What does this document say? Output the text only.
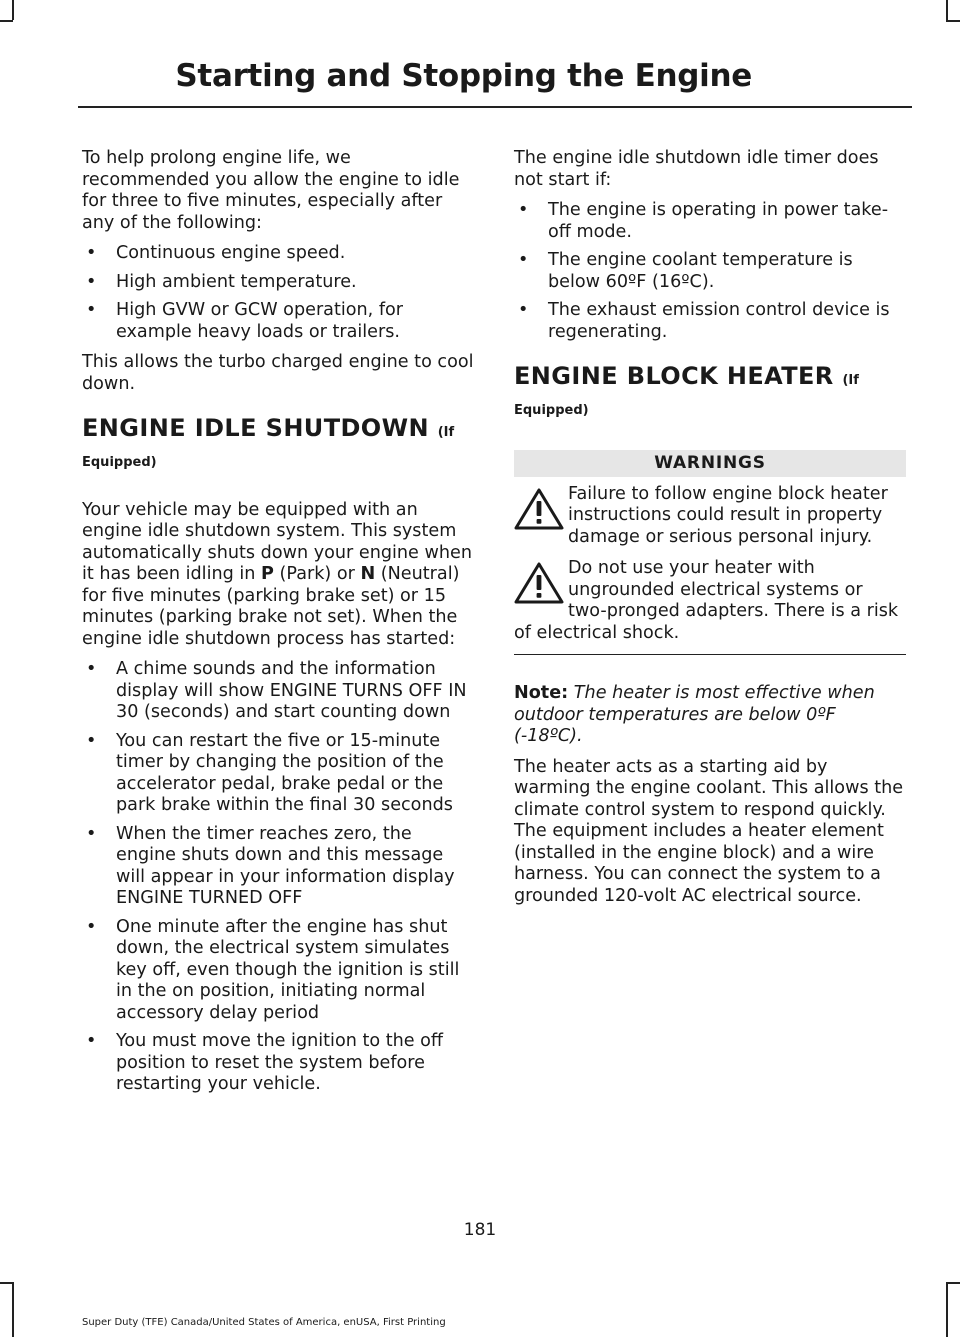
Starting and Stopping the Engine

To help prolong engine life, we recommended you allow the engine to idle for three to five minutes, especially after any of the following:

• Continuous engine speed.
• High ambient temperature.
• High GVW or GCW operation, for example heavy loads or trailers.

This allows the turbo charged engine to cool down.

ENGINE IDLE SHUTDOWN (If
Equipped)

Your vehicle may be equipped with an engine idle shutdown system. This system automatically shuts down your engine when it has been idling in P (Park) or N (Neutral) for five minutes (parking brake set) or 15 minutes (parking brake not set). When the engine idle shutdown process has started:

• A chime sounds and the information display will show ENGINE TURNS OFF IN 30 (seconds) and start counting down
• You can restart the five or 15-minute timer by changing the position of the accelerator pedal, brake pedal or the park brake within the final 30 seconds
• When the timer reaches zero, the engine shuts down and this message will appear in your information display ENGINE TURNED OFF
• One minute after the engine has shut down, the electrical system simulates key off, even though the ignition is still in the on position, initiating normal accessory delay period
• You must move the ignition to the off position to reset the system before restarting your vehicle.

The engine idle shutdown idle timer does not start if:

• The engine is operating in power take-off mode.
• The engine coolant temperature is below 60ºF (16ºC).
• The exhaust emission control device is regenerating.
ENGINE BLOCK HEATER (If
Equipped)
WARNINGS
Failure to follow engine block heater instructions could result in property damage or serious personal injury.
Do not use your heater with ungrounded electrical systems or two-pronged adapters. There is a risk of electrical shock.

Note: The heater is most effective when outdoor temperatures are below 0ºF (-18ºC).

The heater acts as a starting aid by warming the engine coolant. This allows the climate control system to respond quickly. The equipment includes a heater element (installed in the engine block) and a wire harness. You can connect the system to a grounded 120-volt AC electrical source.

181
Super Duty (TFE) Canada/United States of America, enUSA, First Printing
